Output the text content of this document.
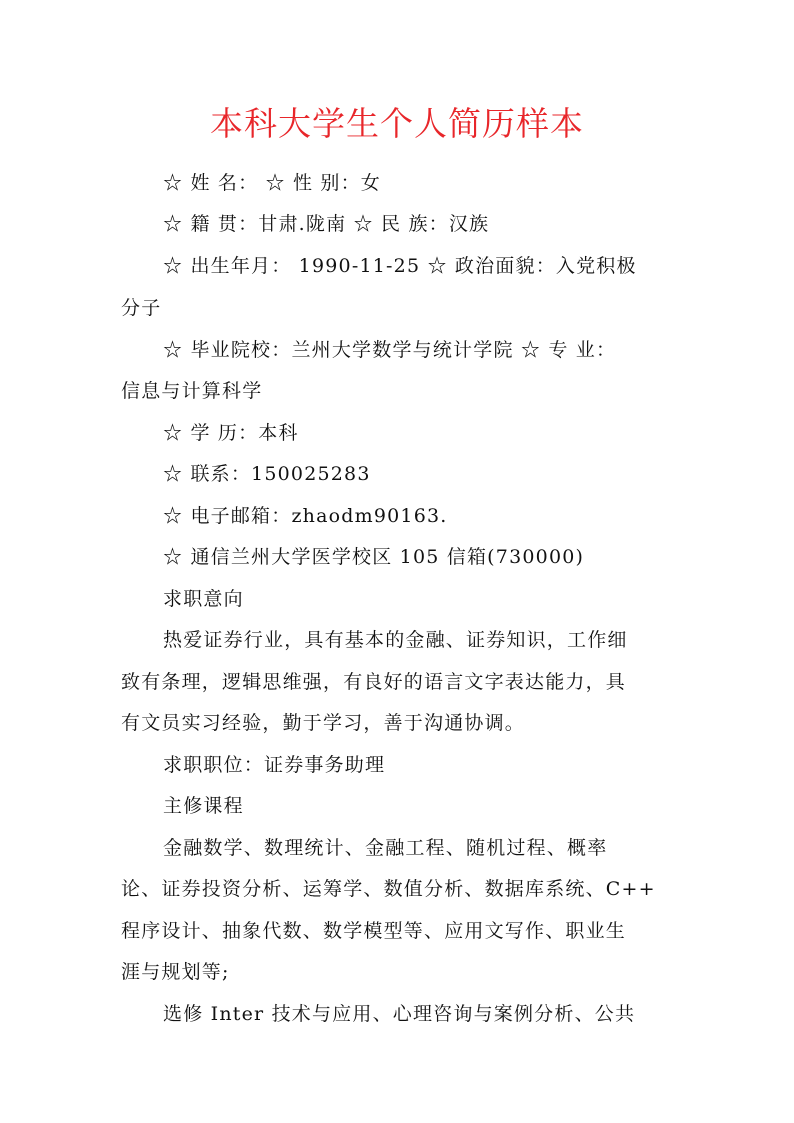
本科大学生个人简历样本
☆ 姓 名： ☆ 性 别：女
☆ 籍 贯：甘肃.陇南 ☆ 民 族：汉族
☆ 出生年月： 1990-11-25 ☆ 政治面貌：入党积极
分子
☆ 毕业院校：兰州大学数学与统计学院 ☆ 专 业：
信息与计算科学
☆ 学 历：本科
☆ 联系：150025283
☆ 电子邮箱：zhaodm90163.
☆ 通信兰州大学医学校区 105 信箱(730000)
求职意向
热爱证券行业，具有基本的金融、证券知识，工作细
致有条理，逻辑思维强，有良好的语言文字表达能力，具
有文员实习经验，勤于学习，善于沟通协调。
求职职位：证券事务助理
主修课程
金融数学、数理统计、金融工程、随机过程、概率
论、证券投资分析、运筹学、数值分析、数据库系统、C++
程序设计、抽象代数、数学模型等、应用文写作、职业生
涯与规划等;
选修 Inter 技术与应用、心理咨询与案例分析、公共
